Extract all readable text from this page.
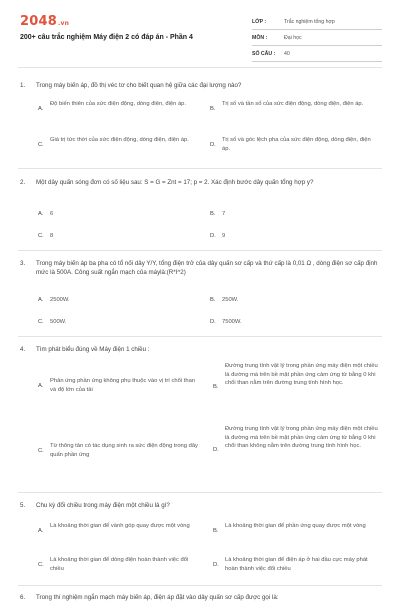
2048.vn
200+ câu trắc nghiệm Máy điện 2 có đáp án - Phần 4
LỚP :	Trắc nghiệm tổng hợp
MÔN :	Đại học
SỐ CÂU :	40
1. Trong máy biến áp, đồ thị véc tơ cho biết quan hệ giữa các đại lượng nào?
A.
Độ biến thiên của sức điện động, dòng điện, điện áp.
B.
Trị số và tần số của sức điện động, dòng điện, điện áp.
C.
Giá trị tức thời của sức điện động, dòng điện, điện áp.
D.
Trị số và góc lệch pha của sức điện động, dòng điện, điện áp.
2. Một dây quấn sóng đơn có số liệu sau: S = G = Znt = 17; p = 2. Xác định bước dây quấn tổng hợp y?
A. 6	B. 7
C. 8	D. 9
3. Trong máy biến áp ba pha có tổ nối dây Y/Y, tổng điện trở của dây quấn sơ cấp và thứ cấp là 0,01 Ω , dòng điện sơ cấp định mức là 500A. Công suất ngắn mạch của máylà:(R*I^2)
A. 2500W.	B. 250W.
C. 500W.	D. 7500W.
4. Tìm phát biểu đúng về Máy điện 1 chiều :
A.
Phản ứng phần ứng không phụ thuộc vào vị trí chổi than và độ lớn của tải	B.
Đường trung tính vật lý trong phần ứng máy điện một chiều là đường mà trên bề mặt phần ứng cảm ứng từ bằng 0 khi chổi than nằm trên đường trung tính hình học.
C.
Từ thông tản có tác dụng sinh ra sức điện động trong dây quấn phần ứng
D.
Đường trung tính vật lý trong phần ứng máy điện một chiều là đường mà trên bề mặt phần ứng cảm ứng từ bằng 0 khi chổi than không nằm trên đường trung tính hình học.
5. Chu kỳ đổi chiều trong máy điện một chiều là gì?
A.
Là khoảng thời gian để vành góp quay được một vòng
B.
Là khoảng thời gian để phần ứng quay được một vòng
C.
Là khoảng thời gian để dòng điện hoàn thành việc đổi chiều
D.
Là khoảng thời gian để điện áp ở hai đầu cực máy phát hoàn thành việc đổi chiều
6. Trong thí nghiệm ngắn mạch máy biến áp, điện áp đặt vào dây quấn sơ cấp được gọi là:
